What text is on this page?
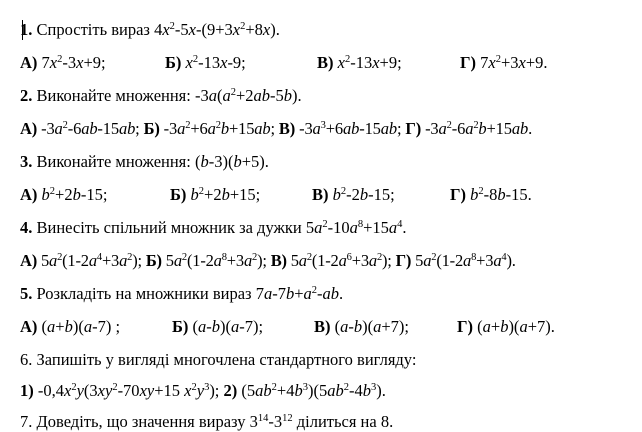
1. Спростіть вираз $4x^2-5x-(9+3x^2+8x)$.
А) $7x^2-3x+9$;	Б) $x^2-13x-9$;	В) $x^2-13x+9$;	Г) $7x^2+3x+9$.
2. Виконайте множення: $-3a(a^2+2ab-5b)$.
А) $-3a^2-6ab-15ab$; Б) $-3a^2+6a^2b+15ab$; В) $-3a^3+6ab-15ab$; Г) $-3a^2-6a^2b+15ab$.
3. Виконайте множення: (b-3)(b+5).
А) $b^2+2b-15$;	Б) $b^2+2b+15$;	В) $b^2-2b-15$;	Г) $b^2-8b-15$.
4. Винесіть спільний множник за дужки $5a^2-10a^8+15a^4$.
А) $5a^2(1-2a^4+3a^2)$; Б) $5a^2(1-2a^8+3a^2)$; В) $5a^2(1-2a^6+3a^2)$; Г) $5a^2(1-2a^8+3a^4)$.
5. Розкладіть на множники вираз $7a-7b+a^2-ab$.
А) (a+b)(a-7) ;	Б) (a-b)(a-7);	В) (a-b)(a+7);	Г) (a+b)(a+7).
6. Запишіть у вигляді многочлена стандартного вигляду:
1) $-0,4x^2y(3xy^2-70xy+15$ $x^2y^3$); 2) $(5ab^2+4b^3)(5ab^2-4b^3)$.
7. Доведіть, що значення виразу $3^{14}-3^{12}$ ділиться на 8.
